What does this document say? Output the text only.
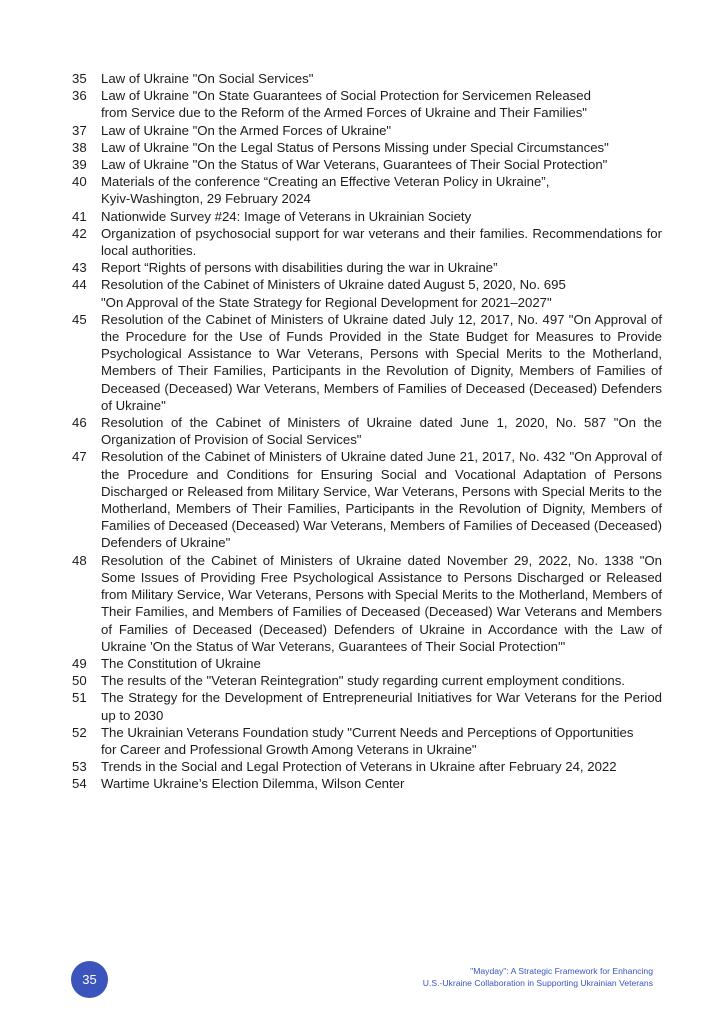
35	Law of Ukraine "On Social Services"
36	Law of Ukraine "On State Guarantees of Social Protection for Servicemen Released
from Service due to the Reform of the Armed Forces of Ukraine and Their Families"
37	Law of Ukraine "On the Armed Forces of Ukraine"
38	Law of Ukraine "On the Legal Status of Persons Missing under Special Circumstances"
39	Law of Ukraine "On the Status of War Veterans, Guarantees of Their Social Protection"
40	Materials of the conference “Creating an Effective Veteran Policy in Ukraine”,
Kyiv-Washington, 29 February 2024
41	Nationwide Survey #24: Image of Veterans in Ukrainian Society
42	Organization of psychosocial support for war veterans and their families. Recommendations for local authorities.
43	Report “Rights of persons with disabilities during the war in Ukraine”
44	Resolution of the Cabinet of Ministers of Ukraine dated August 5, 2020, No. 695
"On Approval of the State Strategy for Regional Development for 2021–2027"
45	Resolution of the Cabinet of Ministers of Ukraine dated July 12, 2017, No. 497 "On Approval of the Procedure for the Use of Funds Provided in the State Budget for Measures to Provide Psychological Assistance to War Veterans, Persons with Special Merits to the Motherland, Members of Their Families, Participants in the Revolution of Dignity, Members of Families of Deceased (Deceased) War Veterans, Members of Families of Deceased (Deceased) Defenders of Ukraine"
46	Resolution of the Cabinet of Ministers of Ukraine dated June 1, 2020, No. 587 "On the Organization of Provision of Social Services"
47	Resolution of the Cabinet of Ministers of Ukraine dated June 21, 2017, No. 432 "On Approval of the Procedure and Conditions for Ensuring Social and Vocational Adaptation of Persons Discharged or Released from Military Service, War Veterans, Persons with Special Merits to the Motherland, Members of Their Families, Participants in the Revolution of Dignity, Members of Families of Deceased (Deceased) War Veterans, Members of Families of Deceased (Deceased) Defenders of Ukraine"
48	Resolution of the Cabinet of Ministers of Ukraine dated November 29, 2022, No. 1338 "On Some Issues of Providing Free Psychological Assistance to Persons Discharged or Released from Military Service, War Veterans, Persons with Special Merits to the Motherland, Members of Their Families, and Members of Families of Deceased (Deceased) War Veterans and Members of Families of Deceased (Deceased) Defenders of Ukraine in Accordance with the Law of Ukraine 'On the Status of War Veterans, Guarantees of Their Social Protection'"
49	The Constitution of Ukraine
50	The results of the "Veteran Reintegration" study regarding current employment conditions.
51	The Strategy for the Development of Entrepreneurial Initiatives for War Veterans for the Period up to 2030
52	The Ukrainian Veterans Foundation study "Current Needs and Perceptions of Opportunities
for Career and Professional Growth Among Veterans in Ukraine"
53	Trends in the Social and Legal Protection of Veterans in Ukraine after February 24, 2022
54	Wartime Ukraine’s Election Dilemma, Wilson Center
35
"Mayday": A Strategic Framework for Enhancing
U.S.-Ukraine Collaboration in Supporting Ukrainian Veterans
